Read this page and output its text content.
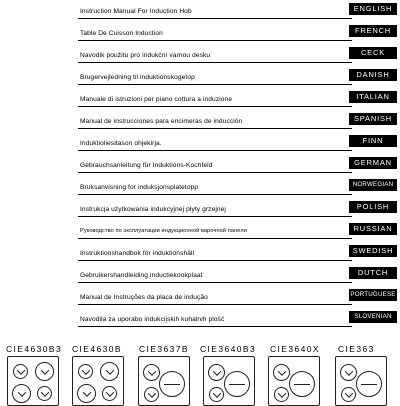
Instruction Manual For Induction Hob	ENGLISH
Table De Cuisson Induction	FRENCH
Navodik použitu pro indukční varnou desku	CECK
Brugervejledning til induktionskogetop	DANISH
Manuale di istruzioni per piano cottura a induzione	ITALIAN
Manual de instrucciones para encimeras de inducción	SPANISH
Induktioliesitason ohjekirja.	FINN
Gebrauchsanleitung für Induktions-Kochfeld	GERMAN
Bruksanvisning for induksjonsplatetopp	NORWEGIAN
Instrukcja użytkowania indukcyjnej płyty grzejnej	POLISH
Руководство по эксплуатации индукционной варочной панели	RUSSIAN
Instruktionshandbok för induktionshäll	SWEDISH
Gebruikershandleiding inductiekookplaat	DUTCH
Manual de Instruções da placa de indução	PORTUGUESE
Navodila za uporabo indukcijskih kuhalnih plošč	SLOVENIAN
CIE4630B3 CIE4630B CIE3637B CIE3640B3 CIE3640X CIE363
